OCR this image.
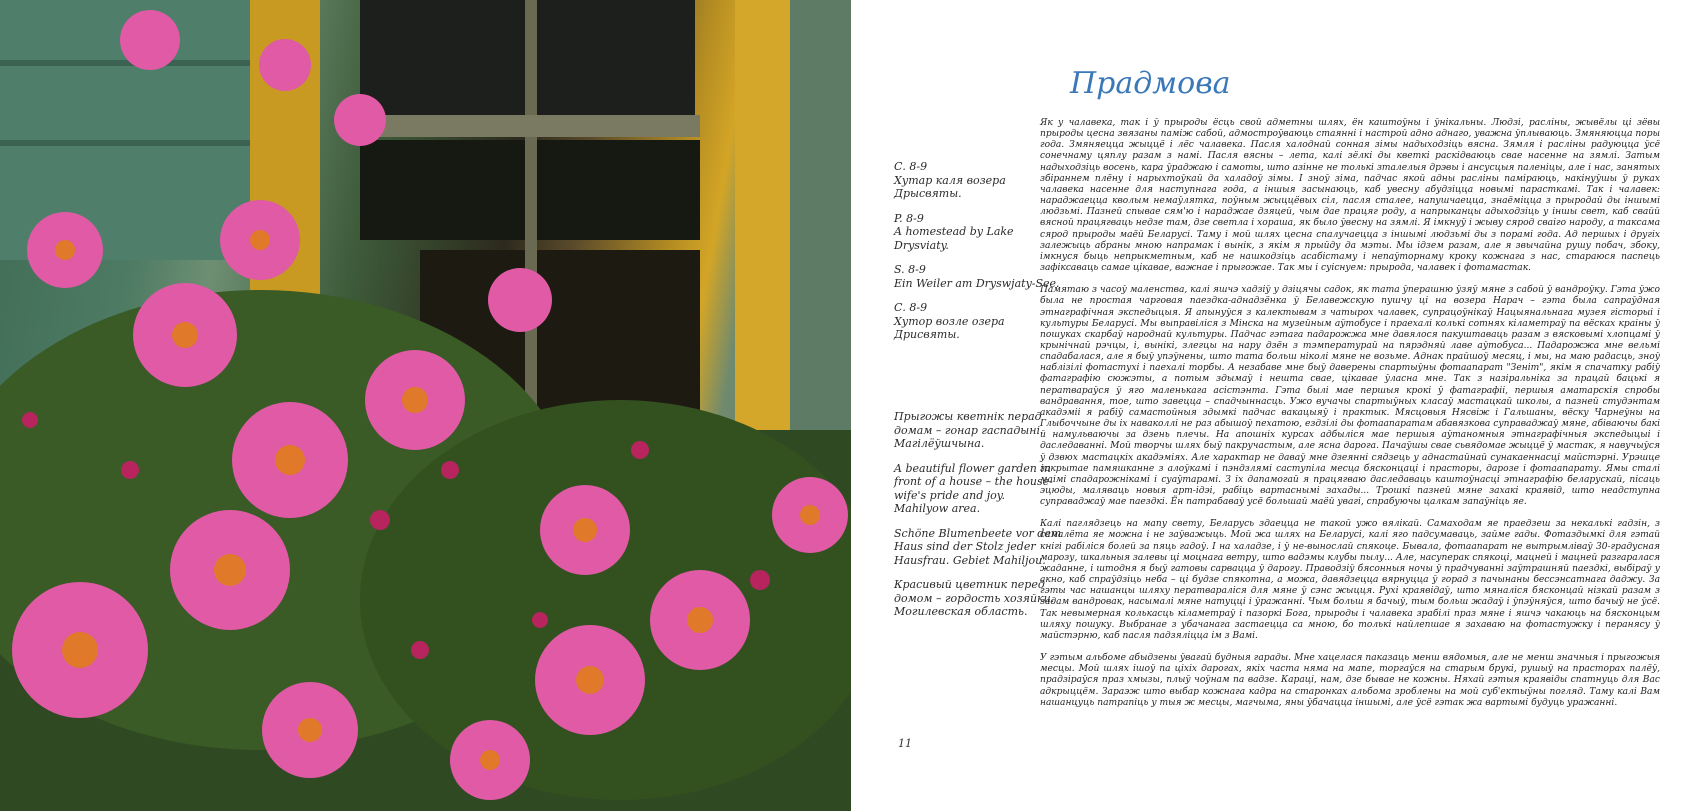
С. 8-9
Хутар каля возера
Дрысвяты.

P. 8-9
A homestead by Lake
Drysviaty.

S. 8-9
Ein Weiler am Dryswjaty-See.

С. 8-9
Хутор возле озера
Дрисвяты.

Прыгожы кветнік перад
домам – гонар гаспадыні.
Магілёўшчына.

A beautiful flower garden in
front of a house – the house-
wife's pride and joy.
Mahilyow area.

Schöne Blumenbeete vor dem
Haus sind der Stolz jeder
Hausfrau. Gebiet Mahiljou.

Красивый цветник перед
домом – гордость хозяйки.
Могилевская область.

Прадмова

Як у чалавека, так і ў прыроды ёсць свой адметны шлях, ён каштоўны і ўнікальны. Людзі, расліны, жывёлы ці зёвы прыроды цесна звязаны паміж сабой, адмостроўваюць стаянні і настрой адно аднаго, уважна ўплываюць. Змяняюцца поры года. Змяняецца жыццё і лёс чалавека. Пасля халоднай сонная зімы надыходзіць вясна. Зямля і расліны радуюцца ўсё сонечнаму цяплу разам з намі. Пасля вясны – лета, калі зёлкі ды кветкі раскідваюць свае насенне на зямлі. Затым надыходзіць восень, кара ўраджаю і самоты, што азінне не толькі зталелыя дрэвы і ансусцыя паленіцы, але і нас, занятых збіраннем плёну і нарыхтоўкай да халадоў зімы. І зноў зіма, падчас якой адны расліны паміраюць, накінуўшы ў руках чалавека насенне для наступнага года, а іншыя засынаюць, каб увесну абудзіцца новымі парасткамі. Так і чалавек: нараджаецца кволым немаўлятка, поўным жыццёвых сіл, пасля сталее, напушчаецца, знаёміцца з прыродай ды іншымі людзьмі. Пазней спывае сям'ю і нараджае дзяцей, чым дае працяг роду, а напрыканцы адыходзіць у іншы свет, каб свайй вясной працягваць недзе там, дзе светла і хораша, як было ўвесну на зямлі. Я імкнуў і жыву сярод сваіго народу, а таксама сярод прыроды маёй Беларусі. Таму і мой шлях цесна спалучаецца з іншымі людзьмі ды з порамі года. Ад першых і другіх залежыць абраны мною напрамак і вынік, з якім я прыйду да мэты. Мы ідзем разам, але я звычайна рушу побач, збоку, імкнуся быць непрыкметным, каб не нашкодзіць асабістаму і непаўторнаму кроку кожнага з нас, стараюся паспець зафіксаваць самае цікавае, важнае і прыгожае. Так мы і суіснуем: прырода, чалавек і фотамастак.

Памятаю з часоў маленства, калі яшчэ хадзіў у дзіцячы садок, як тата ўперашню ўзяў мяне з сабой ў вандроўку. Гэта ўжо была не простая чарговая паездка-аднадзёнка ў Белавежскую пушчу ці на возера Нарач – гэта была сапраўдная этнаграфічная экспедыцыя. Я апынуўся з калектывам з чатырох чалавек, супрацоўнікаў Нацыянальнага музея гісторыі і культуры Беларусі. Мы выправіліся з Мінска на музейным аўтобусе і праехалі колькі сотнях кіламетраў па вёсках краіны ў пошуках скарбаў народнай культуры. Падчас гэтага падарожжа мне давялося пакуштаваць разам з вясковымі хлопцамі ў крынічнай рэчцы, і, вынікі, злегцы на нару дзён з тэмпературай на пярэдняй лаве аўтобуса... Падарожжа мне вельмі спадабалася, але я быў упэўнены, што тата больш ніколі мяне не возьме. Аднак прайшоў месяц, і мы, на маю радасць, зноў наблізілі фотастухі і паехалі торбы. А незабаве мне быў даверены спартыўны фотаапарат "Зеніт", якім я спачатку рабіў фатаграфію сюжэты, а потым здымаў і нешта свае, цікавае ўласна мне. Так з назіральніка за працай бацькі я ператвараўся ў яго маленькага асістэнта. Гэта былі мае першыя крокі ў фатаграфіі, першыя аматарскія спробы вандравання, тое, што завецца – спадчыннасць. Ужо вучачы спартыўных класаў мастацкай школы, а пазней студэнтам акадэміі я рабіў самастойныя здымкі падчас вакацыяў і практык. Мясцовыя Нясвіж і Гальшаны, вёску Чарнеўны на Глыбоччыне ды іх наваколлі не раз абышоў пехатою, ездзілі ды фотаапаратам абавязкова суправаджаў мяне, абіваючы бакі й намульваючы за дзень плечы. На апошніх курсах адбыліся мае першыя аўтаномныя этнаграфічныя экспедыцыі і даследаванні. Мой творчы шлях быў пакручастым, але ясна дарога. Пачаўшы свае сьвядомае жыццё ў мастак, я навучыўся ў дзвюх мастацкіх акадэміях. Але характар не даваў мне дзеянні сядзець у аднастайнай сунакаеннасці майстэрні. Урэшце закрытае памяшканне з алоўкамі і пэндзлямі саступіла месца бясконцаці і прасторы, дарозе і фотаапарату. Ямы сталі маімі спадарожнікамі і суаўтарамі. З іх дапамогай я працягваю даследаваць каштоўнасці этнаграфію беларускай, пісаць эцюды, маляваць новыя арт-ідэі, рабіць вартаснымі захады... Трошкі пазней мяне захакі краявід, што неадступна суправаджаў мае паездкі. Ён патрабаваў усё большай маёй увагі, спрабуючы цалкам запаўніць яе.

Калі паглядзець на мапу свету, Беларусь здаецца не такой ужо вялікай. Самаходам яе праедзеш за некалькі гадзін, з самалёта яе можна і не заўважыць. Мой жа шлях на Беларусі, калі яго падсумаваць, займе гады. Фотаздымкі для гэтай кнігі рабіліся болей за пяць гадоў. І на халадзе, і ў не-вынослай спякоце. Бывала, фотаапарат не вытрымліваў 30-градусная марозу, шкальныя залевы ці моцнага ветру, што вадэмы клубы пылу... Але, насуперак спякоці, мацней і мацней разгаралася жаданне, і штодня я быў гатовы сарвацца ў дарогу. Праводзіў бясонныя ночы ў прадчуванні заўтрашняй паездкі, выбіраў у акно, каб спраўдзіць неба – ці будзе спякотна, а можа, давядзецца вярнуцца ў горад з пачынаны бессэнсатнага даджу. За гэты час нашанцы шляху ператвараліся для мяне ў сэнс жыцця. Рухі краявідаў, што мяналіся бясконцай нізкай разам з задам вандровак, насымалі мяне натуцці і ўражанні. Чым больш я бачыў, тым больш жадаў і ўпэўняўся, што бачыў не ўсё. Так невымерная колькасць кіламетраў і пазоркі Бога, прыроды і чалавека зрабілі праз мяне і яшчэ чакаюць на бясконцым шляху пошуку. Выбранае з убачанага застаецца са мною, бо толькі найлепшае я захаваю на фотастужку і перанясу ў майстэрню, каб пасля падзяліцца ім з Вамі.

У гэтым альбоме абыдзены ўвагай будныя гарады. Мне хацелася паказаць менш вядомыя, але не менш значныя і прыгожыя месцы. Мой шлях ішоў па ціхіх дарогах, якіх часта няма на мапе, торгаўся на старым брукі, рушыў на прасторах палёў, прадзіраўся праз хмызы, плыў чоўнам па вадзе. Караці, нам, дзе бывае не кожны. Няхай гэтыя краявіды спатнуць для Вас адкрыццём. Зараэж што выбар кожнага кадра на старонках альбома зроблены на мой суб'ектыўны погляд. Таму калі Вам нашанцуць патрапіць у тыя ж месцы, магчыма, яны ўбачацца іншымі, але ўсё гэтак жа вартымі будуць уражанні.

11
